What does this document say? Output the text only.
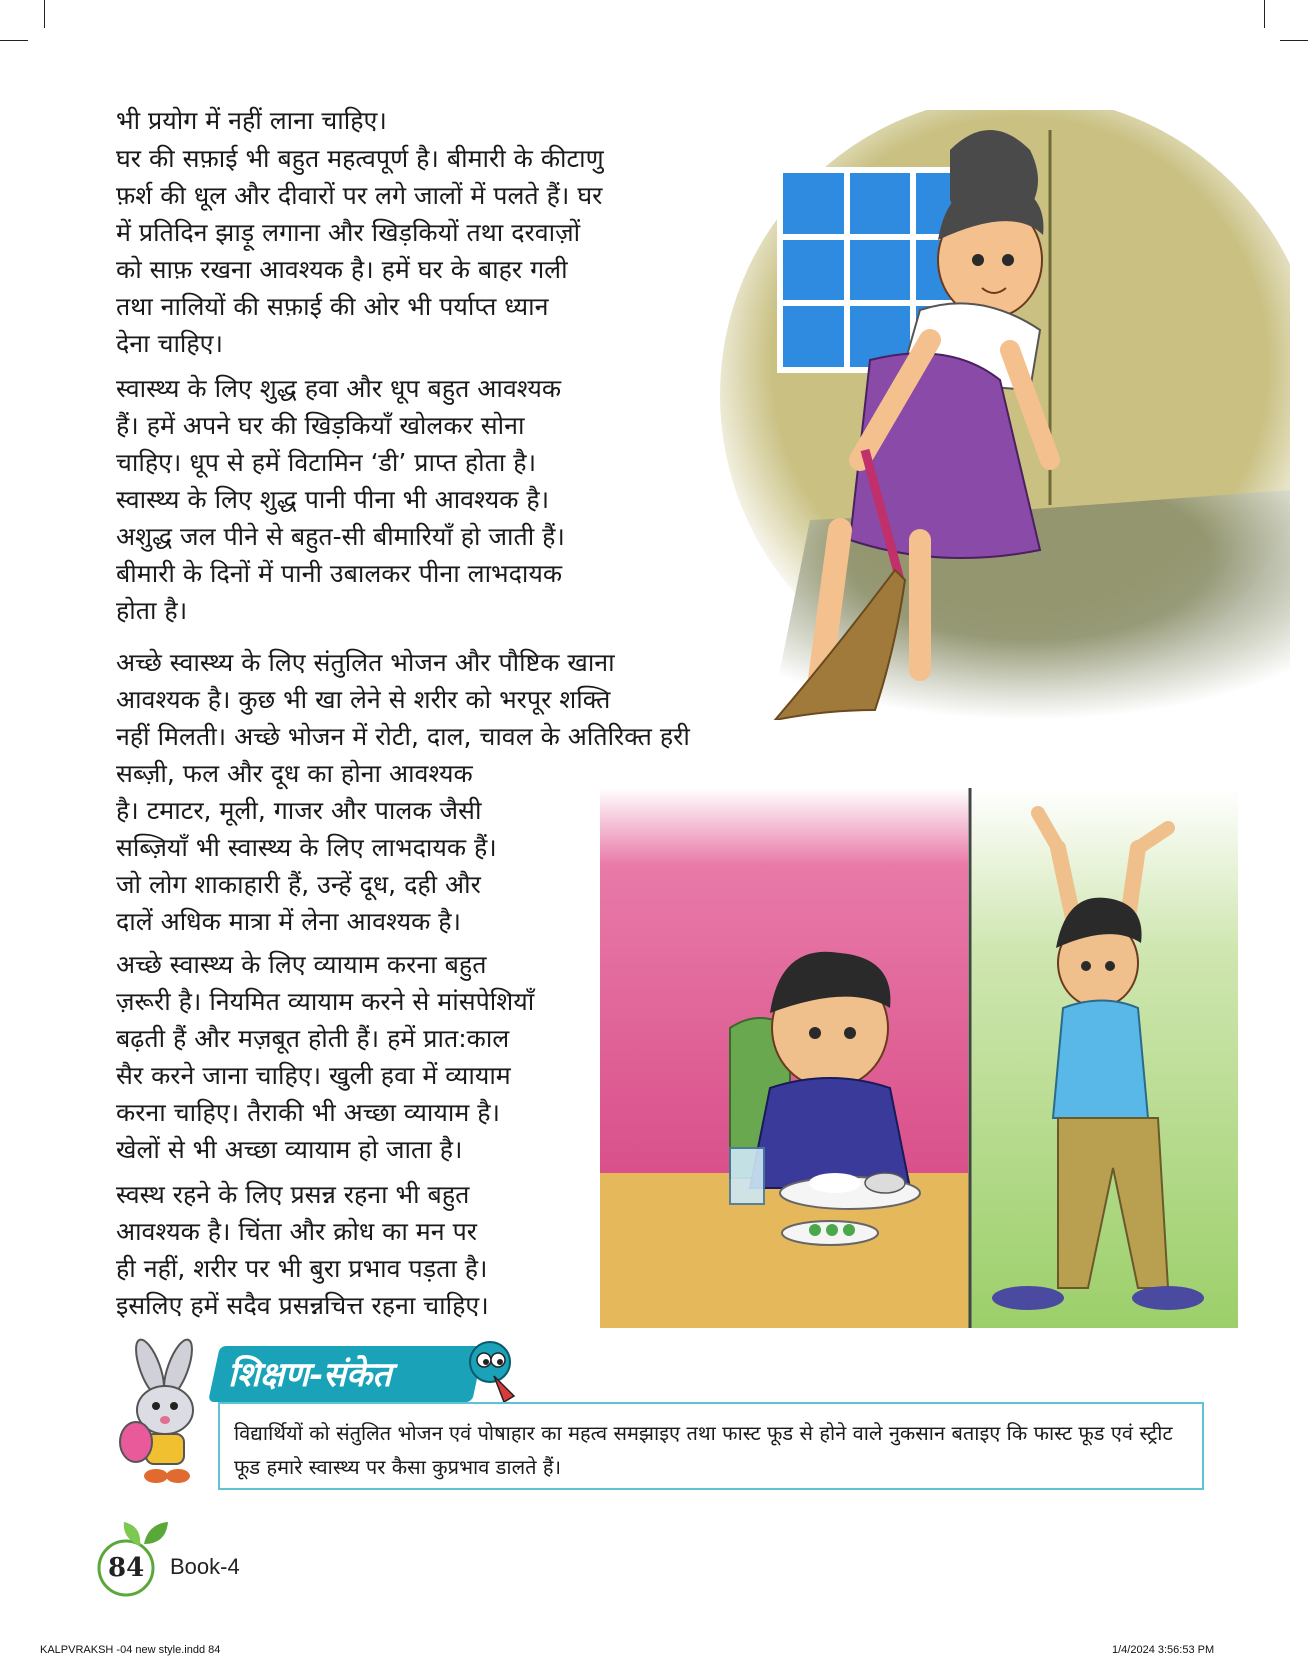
भी प्रयोग में नहीं लाना चाहिए।
घर की सफ़ाई भी बहुत महत्वपूर्ण है। बीमारी के कीटाणु
फ़र्श की धूल और दीवारों पर लगे जालों में पलते हैं। घर
में प्रतिदिन झाड़ू लगाना और खिड़कियों तथा दरवाज़ों
को साफ़ रखना आवश्यक है। हमें घर के बाहर गली
तथा नालियों की सफ़ाई की ओर भी पर्याप्त ध्यान
देना चाहिए।
स्वास्थ्य के लिए शुद्ध हवा और धूप बहुत आवश्यक
हैं। हमें अपने घर की खिड़कियाँ खोलकर सोना
चाहिए। धूप से हमें विटामिन ‘डी’ प्राप्त होता है।
स्वास्थ्य के लिए शुद्ध पानी पीना भी आवश्यक है।
अशुद्ध जल पीने से बहुत-सी बीमारियाँ हो जाती हैं।
बीमारी के दिनों में पानी उबालकर पीना लाभदायक
होता है।
अच्छे स्वास्थ्य के लिए संतुलित भोजन और पौष्टिक खाना
आवश्यक है। कुछ भी खा लेने से शरीर को भरपूर शक्ति
नहीं मिलती। अच्छे भोजन में रोटी, दाल, चावल के अतिरिक्त हरी
सब्ज़ी, फल और दूध का होना आवश्यक
है। टमाटर, मूली, गाजर और पालक जैसी
सब्ज़ियाँ भी स्वास्थ्य के लिए लाभदायक हैं।
जो लोग शाकाहारी हैं, उन्हें दूध, दही और
दालें अधिक मात्रा में लेना आवश्यक है।
अच्छे स्वास्थ्य के लिए व्यायाम करना बहुत
ज़रूरी है। नियमित व्यायाम करने से मांसपेशियाँ
बढ़ती हैं और मज़बूत होती हैं। हमें प्रात:काल
सैर करने जाना चाहिए। खुली हवा में व्यायाम
करना चाहिए। तैराकी भी अच्छा व्यायाम है।
खेलों से भी अच्छा व्यायाम हो जाता है।
स्वस्थ रहने के लिए प्रसन्न रहना भी बहुत
आवश्यक है। चिंता और क्रोध का मन पर
ही नहीं, शरीर पर भी बुरा प्रभाव पड़ता है।
इसलिए हमें सदैव प्रसन्नचित्त रहना चाहिए।
शिक्षण-संकेत
विद्यार्थियों को संतुलित भोजन एवं पोषाहार का महत्व समझाइए तथा फास्ट फूड से होने वाले नुकसान बताइए कि फास्ट फूड एवं स्ट्रीट फूड हमारे स्वास्थ्य पर कैसा कुप्रभाव डालते हैं।
84 Book-4
KALPVRAKSH -04 new style.indd 84	1/4/2024 3:56:53 PM
